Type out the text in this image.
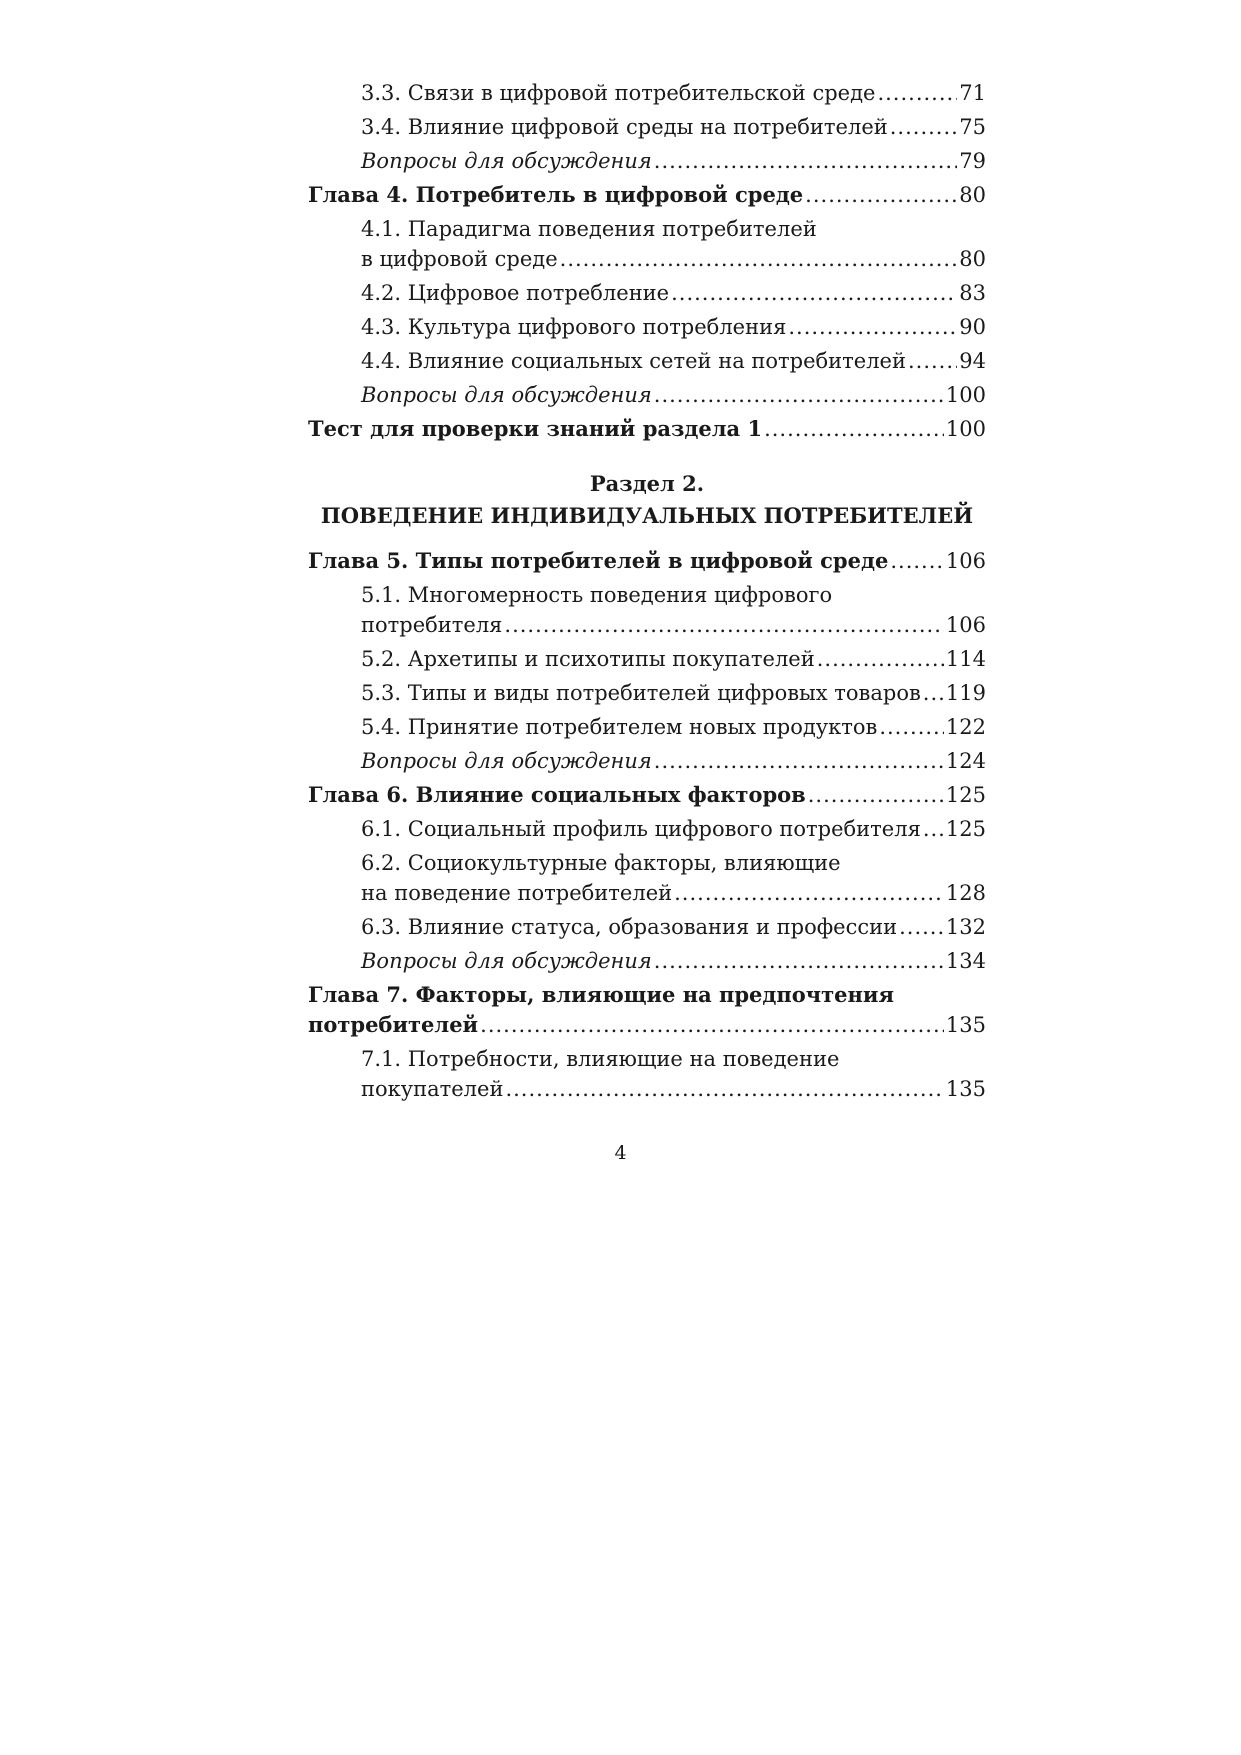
3.3. Связи в цифровой потребительской среде .....	71
3.4. Влияние цифровой среды на потребителей .....	75
Вопросы для обсуждения .....	79
Глава 4. Потребитель в цифровой среде .....	80
4.1. Парадигма поведения потребителей
в цифровой среде .....	80
4.2. Цифровое потребление .....	83
4.3. Культура цифрового потребления .....	90
4.4. Влияние социальных сетей на потребителей .....	94
Вопросы для обсуждения .....	100
Тест для проверки знаний раздела 1 .....	100
Раздел 2.
ПОВЕДЕНИЕ ИНДИВИДУАЛЬНЫХ ПОТРЕБИТЕЛЕЙ
Глава 5. Типы потребителей в цифровой среде .....	106
5.1. Многомерность поведения цифрового
потребителя .....	106
5.2. Архетипы и психотипы покупателей .....	114
5.3. Типы и виды потребителей цифровых товаров ..... 119
5.4. Принятие потребителем новых продуктов .....	122
Вопросы для обсуждения .....	124
Глава 6. Влияние социальных факторов .....	125
6.1. Социальный профиль цифрового потребителя ..... 125
6.2. Социокультурные факторы, влияющие
на поведение потребителей .....	128
6.3. Влияние статуса, образования и профессии ..... 132
Вопросы для обсуждения .....	134
Глава 7. Факторы, влияющие на предпочтения
потребителей .....	135
7.1. Потребности, влияющие на поведение
покупателей .....	135
4
